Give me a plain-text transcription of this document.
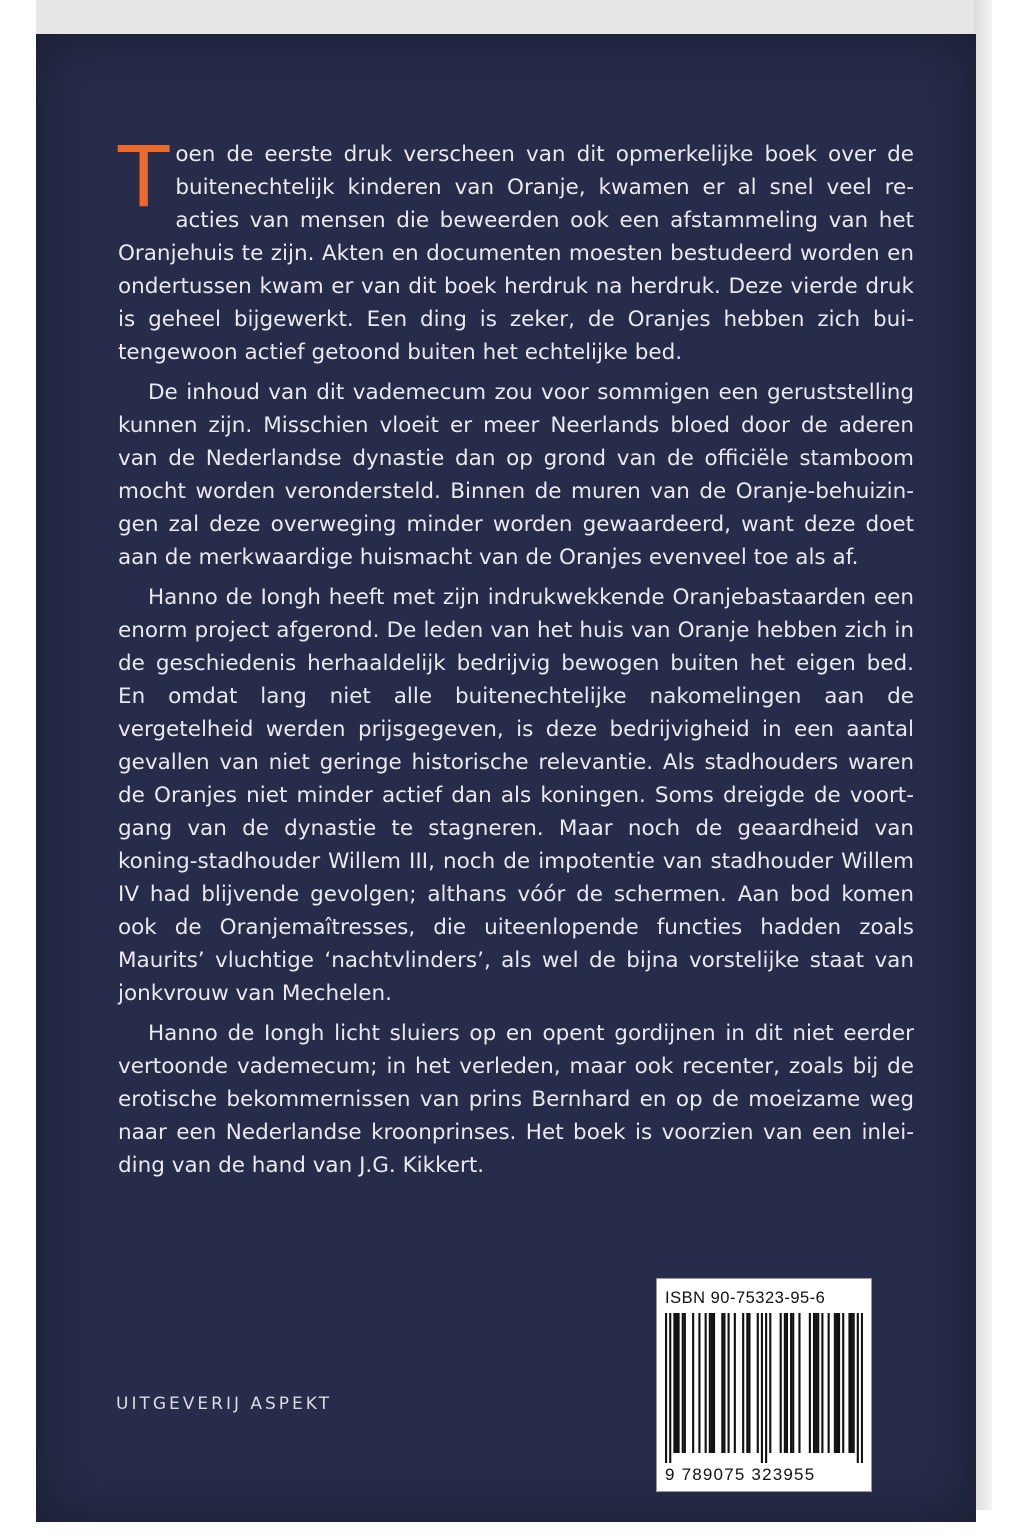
Toen de eerste druk verscheen van dit opmerkelijke boek over de buitenechtelijk kinderen van Oranje, kwamen er al snel veel reacties van mensen die beweerden ook een afstammeling van het Oranjehuis te zijn. Akten en documenten moesten bestudeerd worden en ondertussen kwam er van dit boek herdruk na herdruk. Deze vierde druk is geheel bijgewerkt. Een ding is zeker, de Oranjes hebben zich buitengewoon actief getoond buiten het echtelijke bed.

De inhoud van dit vademecum zou voor sommigen een geruststelling kunnen zijn. Misschien vloeit er meer Neerlands bloed door de aderen van de Nederlandse dynastie dan op grond van de officiële stamboom mocht worden verondersteld. Binnen de muren van de Oranje-behuizingen zal deze overweging minder worden gewaardeerd, want deze doet aan de merkwaardige huismacht van de Oranjes evenveel toe als af.

Hanno de Iongh heeft met zijn indrukwekkende Oranjebastaarden een enorm project afgerond. De leden van het huis van Oranje hebben zich in de geschiedenis herhaaldelijk bedrijvig bewogen buiten het eigen bed. En omdat lang niet alle buitenechtelijke nakomelingen aan de vergetelheid werden prijsgegeven, is deze bedrijvigheid in een aantal gevallen van niet geringe historische relevantie. Als stadhouders waren de Oranjes niet minder actief dan als koningen. Soms dreigde de voortgang van de dynastie te stagneren. Maar noch de geaardheid van koning-stadhouder Willem III, noch de impotentie van stadhouder Willem IV had blijvende gevolgen; althans vóór de schermen. Aan bod komen ook de Oranjemaîtresses, die uiteenlopende functies hadden zoals Maurits’ vluchtige ‘nachtvlinders’, als wel de bijna vorstelijke staat van jonkvrouw van Mechelen.

Hanno de Iongh licht sluiers op en opent gordijnen in dit niet eerder vertoonde vademecum; in het verleden, maar ook recenter, zoals bij de erotische bekommernissen van prins Bernhard en op de moeizame weg naar een Nederlandse kroonprinses. Het boek is voorzien van een inleiding van de hand van J.G. Kikkert.

UITGEVERIJ ASPEKT
ISBN 90-75323-95-6
9 789075 323955
